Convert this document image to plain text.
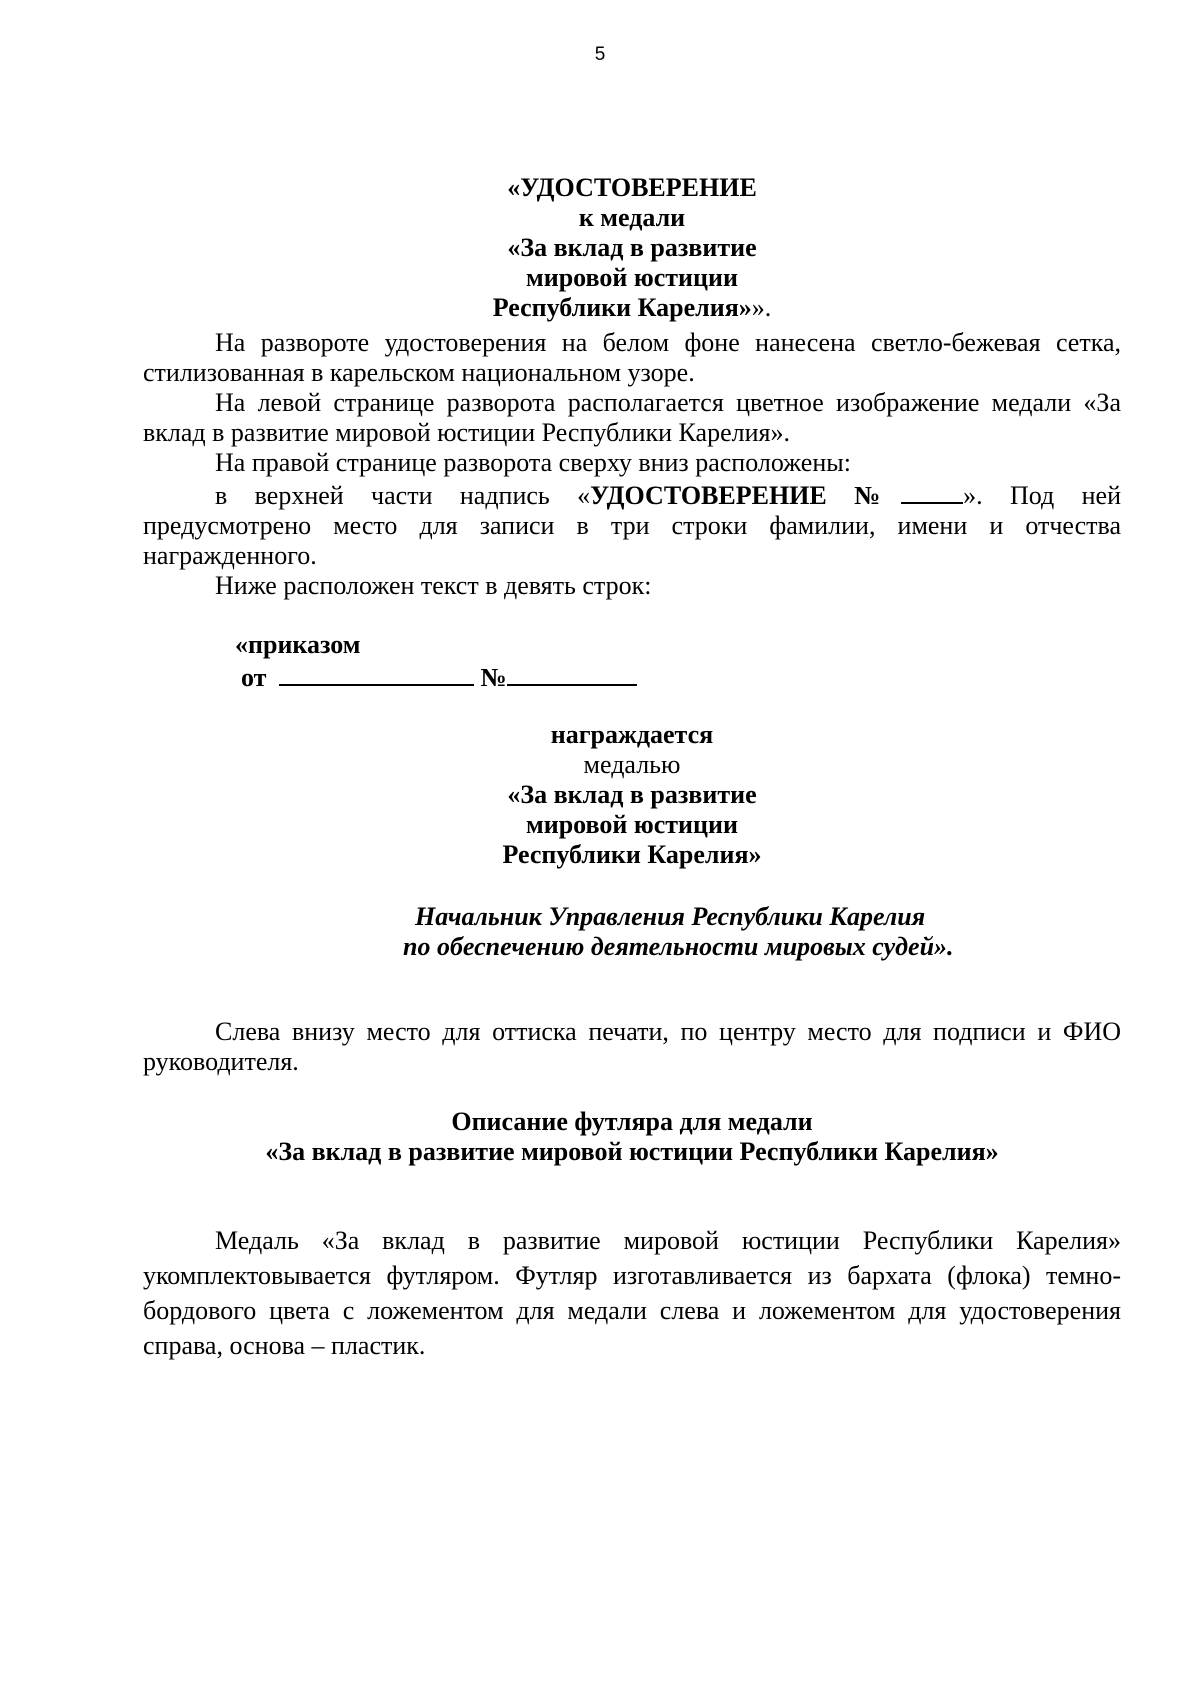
5

«УДОСТОВЕРЕНИЕ

к медали

«За вклад в развитие

мировой юстиции

Республики Карелия»».

На развороте удостоверения на белом фоне нанесена светло-бежевая сетка,

стилизованная в карельском национальном узоре.

На левой странице разворота располагается цветное изображение медали «За

вклад в развитие мировой юстиции Республики Карелия».

На правой странице разворота сверху вниз расположены:

в верхней части надпись «УДОСТОВЕРЕНИЕ № ». Под ней

предусмотрено место для записи в три строки фамилии, имени и отчества

награжденного.

Ниже расположен текст в девять строк:

«приказом

от	№

награждается

медалью

«За вклад в развитие

мировой юстиции

Республики Карелия»

Начальник Управления Республики Карелия

по обеспечению деятельности мировых судей».

Слева внизу место для оттиска печати, по центру место для подписи и ФИО

руководителя.

Описание футляра для медали

«За вклад в развитие мировой юстиции Республики Карелия»

Медаль «За вклад в развитие мировой юстиции Республики Карелия»

укомплектовывается футляром. Футляр изготавливается из бархата (флока) темно-

бордового цвета с ложементом для медали слева и ложементом для удостоверения

справа, основа – пластик.
